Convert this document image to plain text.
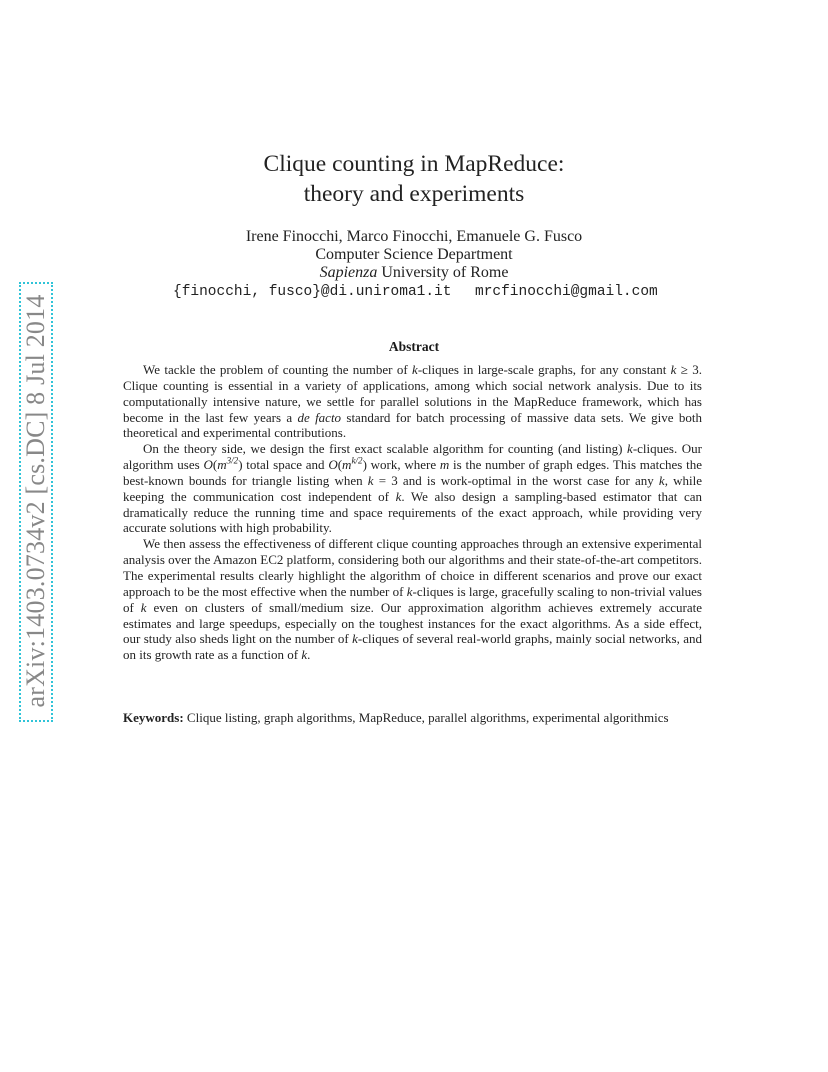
arXiv:1403.0734v2 [cs.DC] 8 Jul 2014
Clique counting in MapReduce:
theory and experiments
Irene Finocchi, Marco Finocchi, Emanuele G. Fusco
Computer Science Department
Sapienza University of Rome
{finocchi, fusco}@di.uniroma1.it mrcfinocchi@gmail.com
Abstract

We tackle the problem of counting the number of k-cliques in large-scale graphs, for any constant k ≥ 3. Clique counting is essential in a variety of applications, among which social network analysis. Due to its computationally intensive nature, we settle for parallel solutions in the MapReduce framework, which has become in the last few years a de facto standard for batch processing of massive data sets. We give both theoretical and experimental contributions.

On the theory side, we design the first exact scalable algorithm for counting (and listing) k-cliques. Our algorithm uses $O(m^{3/2})$ total space and $O(m^{k/2})$ work, where m is the number of graph edges. This matches the best-known bounds for triangle listing when k = 3 and is work-optimal in the worst case for any k, while keeping the communication cost independent of k. We also design a sampling-based estimator that can dramatically reduce the running time and space requirements of the exact approach, while providing very accurate solutions with high probability.

We then assess the effectiveness of different clique counting approaches through an extensive experimental analysis over the Amazon EC2 platform, considering both our algorithms and their state-of-the-art competitors. The experimental results clearly highlight the algorithm of choice in different scenarios and prove our exact approach to be the most effective when the number of k-cliques is large, gracefully scaling to non-trivial values of k even on clusters of small/medium size. Our approximation algorithm achieves extremely accurate estimates and large speedups, especially on the toughest instances for the exact algorithms. As a side effect, our study also sheds light on the number of k-cliques of several real-world graphs, mainly social networks, and on its growth rate as a function of k.

Keywords: Clique listing, graph algorithms, MapReduce, parallel algorithms, experimental algorithmics
